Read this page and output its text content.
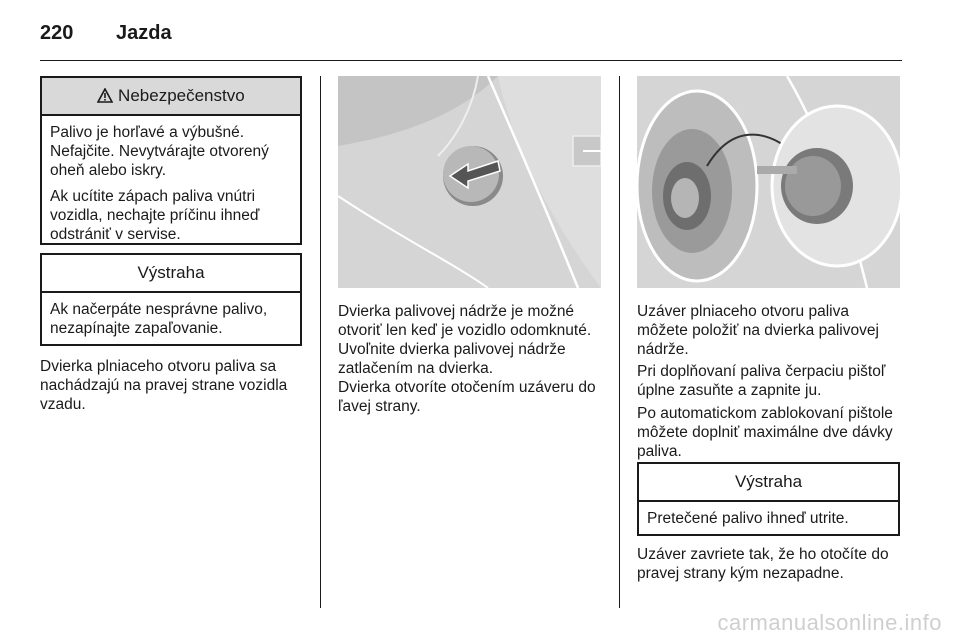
220 Jazda
Nebezpečenstvo

Palivo je horľavé a výbušné. Nefajčite. Nevytvárajte otvorený oheň alebo iskry.

Ak ucítite zápach paliva vnútri vozidla, nechajte príčinu ihneď odstrániť v servise.

Výstraha

Ak načerpáte nesprávne palivo, nezapínajte zapaľovanie.

Dvierka plniaceho otvoru paliva sa nachádzajú na pravej strane vozidla vzadu.

Dvierka palivovej nádrže je možné otvoriť len keď je vozidlo odomknuté. Uvoľnite dvierka palivovej nádrže zatlačením na dvierka.

Dvierka otvoríte otočením uzáveru do ľavej strany.

Uzáver plniaceho otvoru paliva môžete položiť na dvierka palivovej nádrže.

Pri doplňovaní paliva čerpaciu pištoľ úplne zasuňte a zapnite ju.

Po automatickom zablokovaní pištole môžete doplniť maximálne dve dávky paliva.

Výstraha

Pretečené palivo ihneď utrite.

Uzáver zavriete tak, že ho otočíte do pravej strany kým nezapadne.

carmanualsonline.info
